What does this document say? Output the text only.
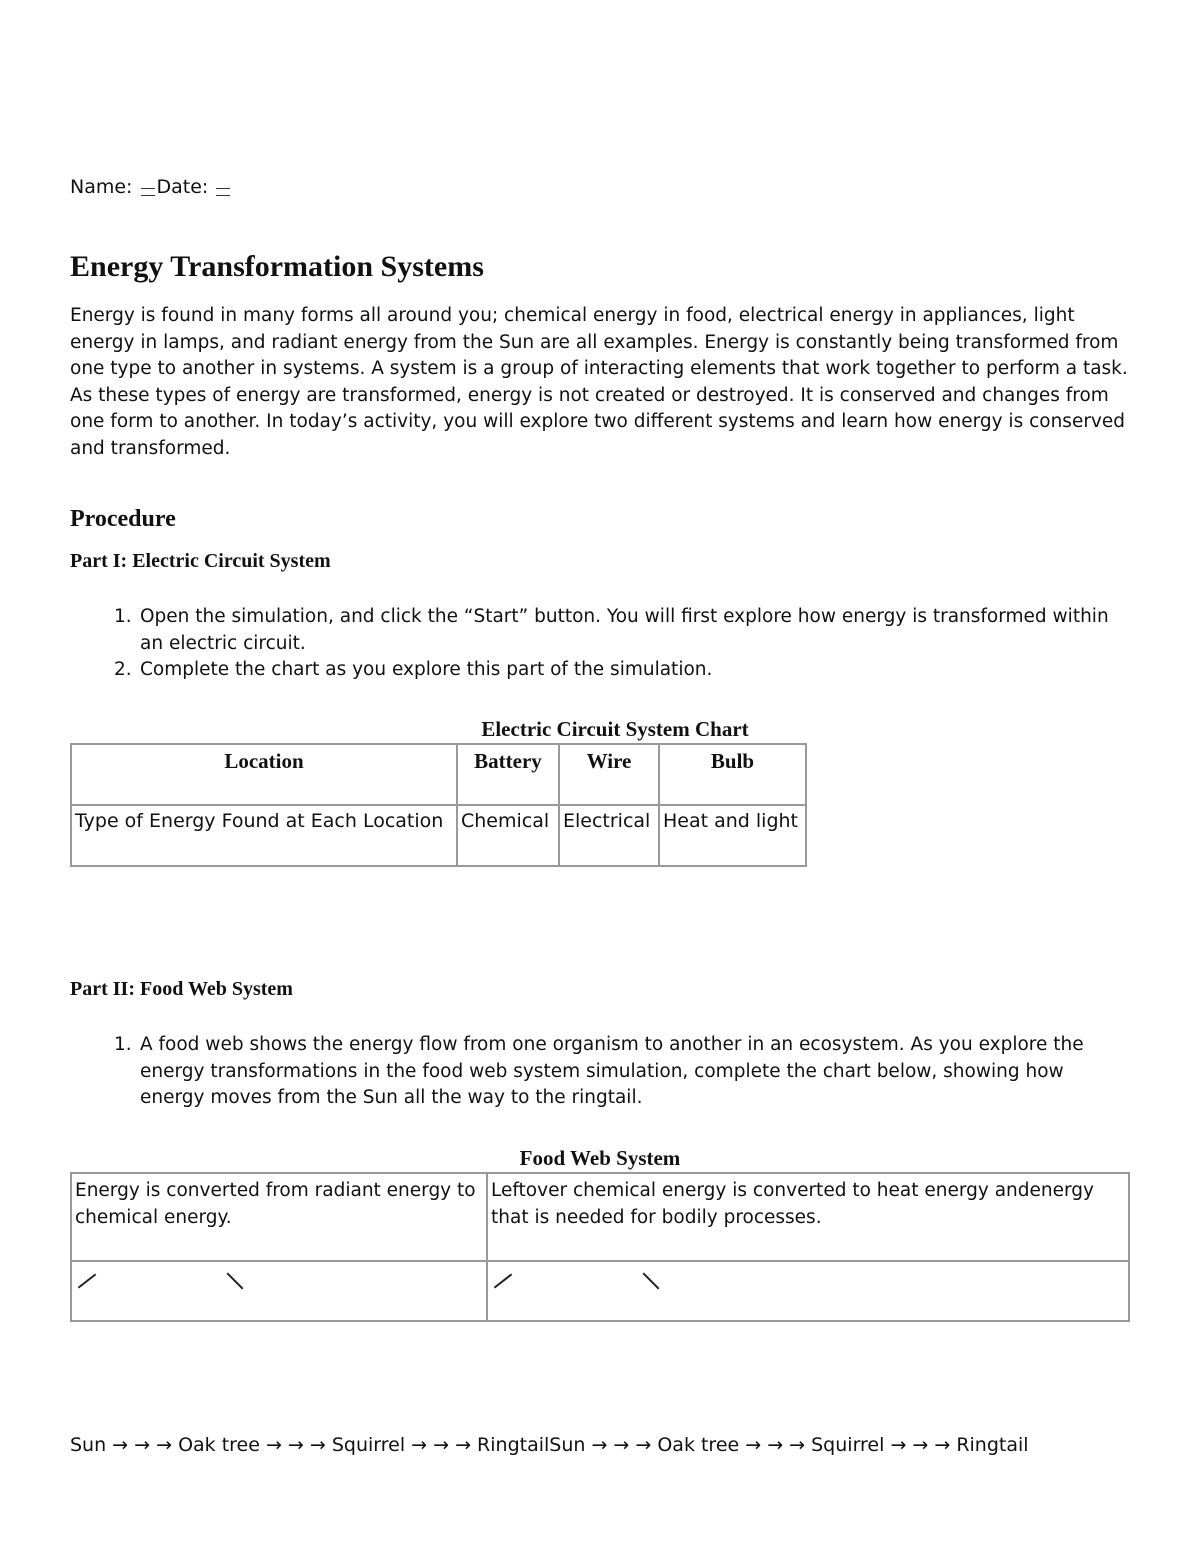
Name: Date:
Energy Transformation Systems
Energy is found in many forms all around you; chemical energy in food, electrical energy in appliances, light energy in lamps, and radiant energy from the Sun are all examples. Energy is constantly being transformed from one type to another in systems. A system is a group of interacting elements that work together to perform a task. As these types of energy are transformed, energy is not created or destroyed. It is conserved and changes from one form to another. In today’s activity, you will explore two different systems and learn how energy is conserved and transformed.
Procedure
Part I: Electric Circuit System
1. Open the simulation, and click the “Start” button. You will first explore how energy is transformed within an electric circuit.
2. Complete the chart as you explore this part of the simulation.
Electric Circuit System Chart
Location	Battery	Wire	Bulb
Type of Energy Found at Each Location	Chemical	Electrical	Heat and light
Part II: Food Web System
1. A food web shows the energy flow from one organism to another in an ecosystem. As you explore the energy transformations in the food web system simulation, complete the chart below, showing how energy moves from the Sun all the way to the ringtail.
Food Web System
Energy is converted from radiant energy to chemical energy.	Leftover chemical energy is converted to heat energy andenergy that is needed for bodily processes.

Sun → → → Oak tree → → → Squirrel → → → RingtailSun → → → Oak tree → → → Squirrel → → → Ringtail
